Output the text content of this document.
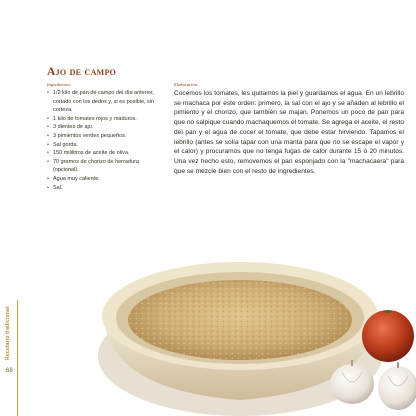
Recetario tradicional
68
Ajo de campo
Ingredientes:
• 1/2 kilo de pan de campo del día anterior, cortado con los dedos y, si es posible, sin corteza.
• 1 kilo de tomates rojos y maduros.
• 3 dientes de ajo.
• 3 pimientos verdes pequeños.
• Sal gorda.
• 150 mililitros de aceite de oliva.
• 70 gramos de chorizo de herradura (opcional).
• Agua muy caliente.
• Sal.
Elaboración:

Cocemos los tomates, les quitamos la piel y guardamos el agua. En un lebrillo se machaca por este orden: primero, la sal con el ajo y se añaden al lebrillo el pimiento y el chorizo, que también se majan. Ponemos un poco de pan para que no salpique cuando machaquemos el tomate. Se agrega el aceite, el resto del pan y el agua de cocer el tomate, que debe estar hirviendo. Tapamos el lebrillo (antes se solía tapar con una manta para que no se escape el vapor y el calor) y procuramos que no tenga fugas de calor durante 15 ó 20 minutos. Una vez hecho esto, removemos el pan esponjado con la "machacaera" para que se mezcle bien con el resto de ingredientes.
